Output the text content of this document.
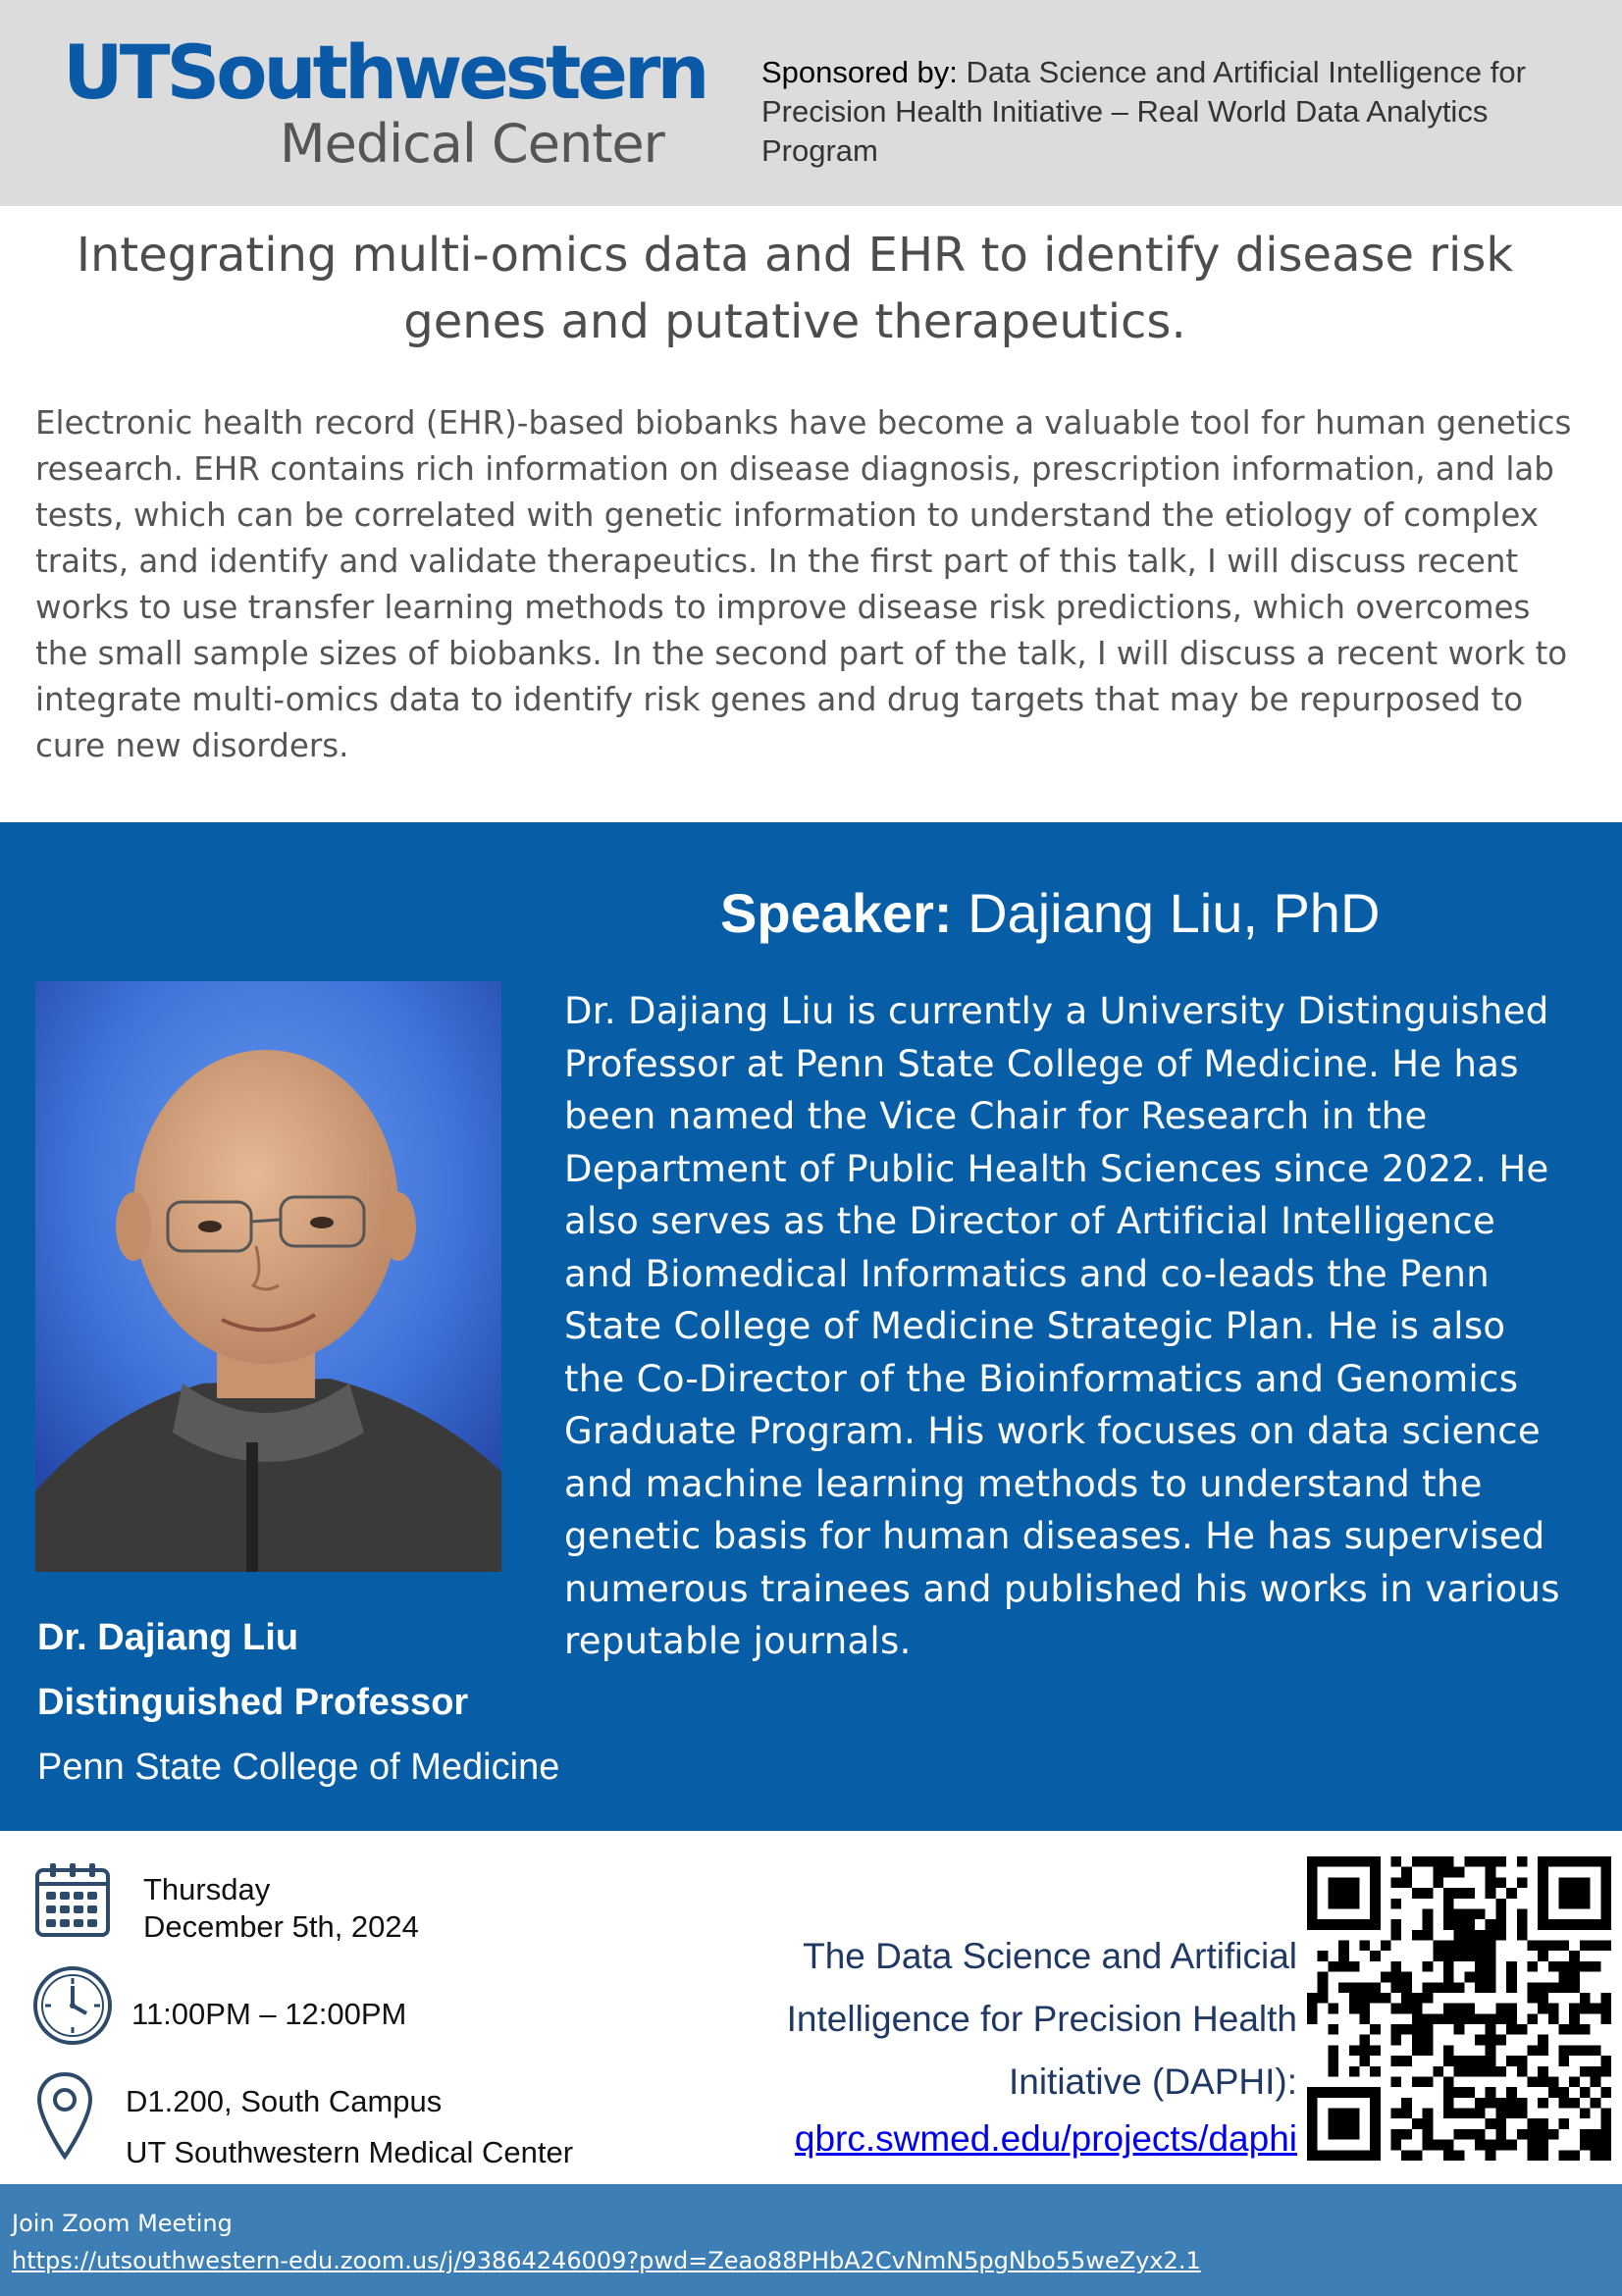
UTSouthwestern
Medical Center
Sponsored by: Data Science and Artificial Intelligence for Precision Health Initiative – Real World Data Analytics Program
Integrating multi-omics data and EHR to identify disease risk genes and putative therapeutics.
Electronic health record (EHR)-based biobanks have become a valuable tool for human genetics research. EHR contains rich information on disease diagnosis, prescription information, and lab tests, which can be correlated with genetic information to understand the etiology of complex traits, and identify and validate therapeutics. In the first part of this talk, I will discuss recent works to use transfer learning methods to improve disease risk predictions, which overcomes the small sample sizes of biobanks. In the second part of the talk, I will discuss a recent work to integrate multi-omics data to identify risk genes and drug targets that may be repurposed to cure new disorders.
Speaker: Dajiang Liu, PhD
Dr. Dajiang Liu is currently a University Distinguished Professor at Penn State College of Medicine. He has been named the Vice Chair for Research in the Department of Public Health Sciences since 2022. He also serves as the Director of Artificial Intelligence and Biomedical Informatics and co-leads the Penn State College of Medicine Strategic Plan. He is also the Co-Director of the Bioinformatics and Genomics Graduate Program. His work focuses on data science and machine learning methods to understand the genetic basis for human diseases. He has supervised numerous trainees and published his works in various reputable journals.
Dr. Dajiang Liu
Distinguished Professor
Penn State College of Medicine
Thursday
December 5th, 2024
11:00PM – 12:00PM
D1.200, South Campus
UT Southwestern Medical Center
The Data Science and Artificial Intelligence for Precision Health Initiative (DAPHI):
qbrc.swmed.edu/projects/daphi
Join Zoom Meeting
https://utsouthwestern-edu.zoom.us/j/93864246009?pwd=Zeao88PHbA2CvNmN5pgNbo55weZyx2.1
